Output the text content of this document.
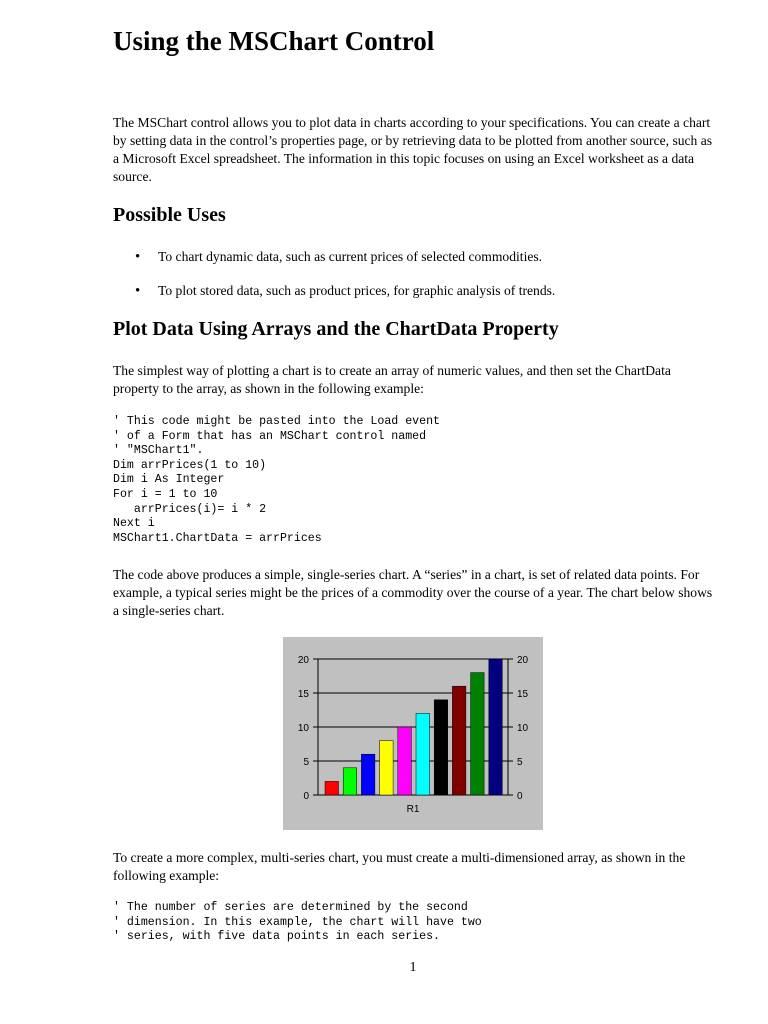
Using the MSChart Control

The MSChart control allows you to plot data in charts according to your specifications. You can create a chart by setting data in the control’s properties page, or by retrieving data to be plotted from another source, such as a Microsoft Excel spreadsheet. The information in this topic focuses on using an Excel worksheet as a data source.

Possible Uses
• To chart dynamic data, such as current prices of selected commodities.
• To plot stored data, such as product prices, for graphic analysis of trends.
Plot Data Using Arrays and the ChartData Property

The simplest way of plotting a chart is to create an array of numeric values, and then set the ChartData property to the array, as shown in the following example:

' This code might be pasted into the Load event
' of a Form that has an MSChart control named
' "MSChart1".
Dim arrPrices(1 to 10)
Dim i As Integer
For i = 1 to 10
arrPrices(i)= i * 2
Next i
MSChart1.ChartData = arrPrices

The code above produces a simple, single-series chart. A “series” in a chart, is set of related data points. For example, a typical series might be the prices of a commodity over the course of a year. The chart below shows a single-series chart.

0	0
5	5
10	10
15	15
20	20
R1

To create a more complex, multi-series chart, you must create a multi-dimensioned array, as shown in the following example:

' The number of series are determined by the second
' dimension. In this example, the chart will have two
' series, with five data points in each series.
1
